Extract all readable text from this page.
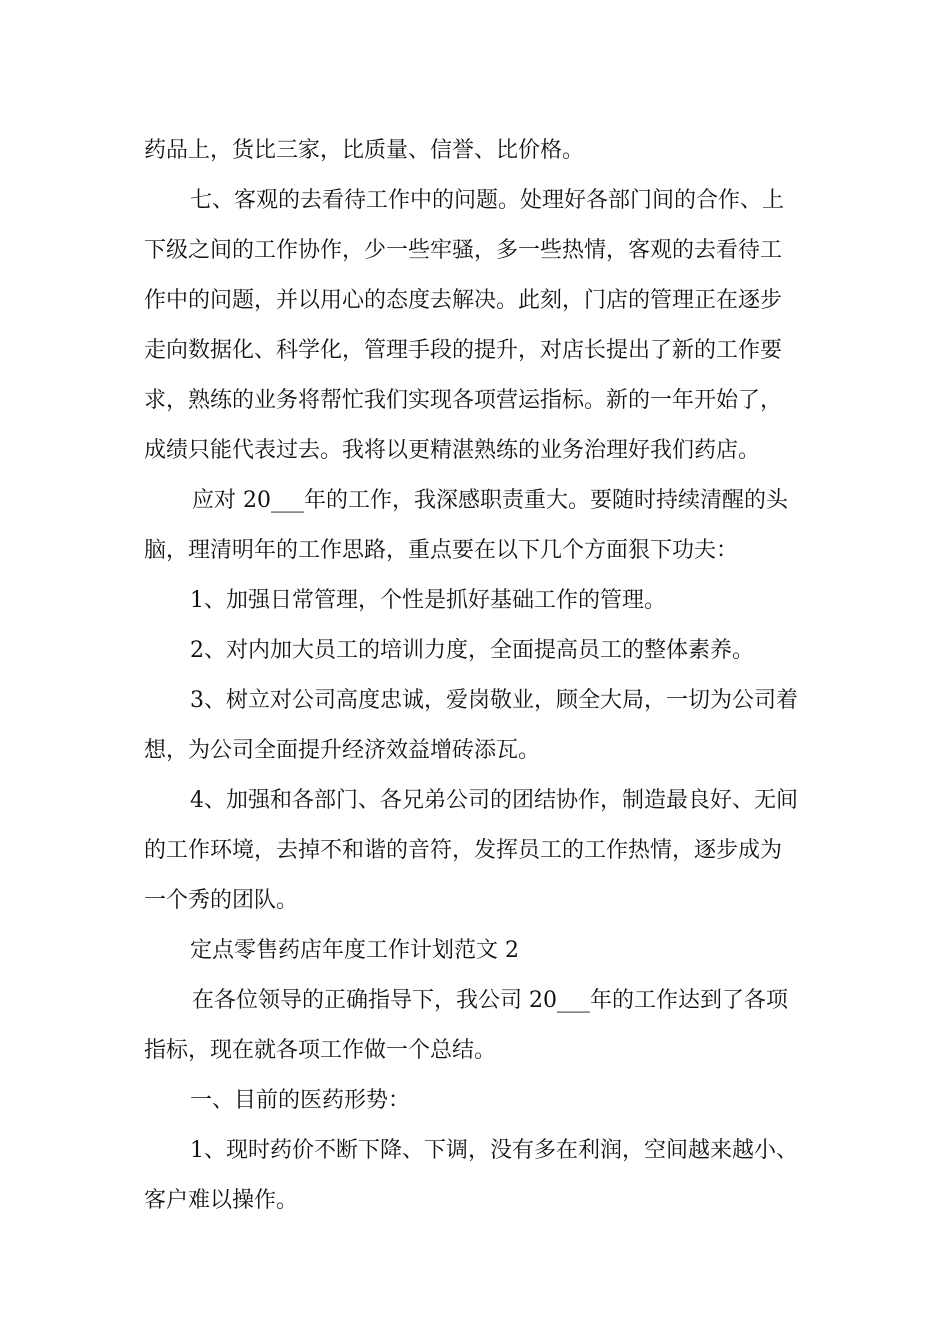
药品上，货比三家，比质量、信誉、比价格。
七、客观的去看待工作中的问题。处理好各部门间的合作、上
下级之间的工作协作，少一些牢骚，多一些热情，客观的去看待工
作中的问题，并以用心的态度去解决。此刻，门店的管理正在逐步
走向数据化、科学化，管理手段的提升，对店长提出了新的工作要
求，熟练的业务将帮忙我们实现各项营运指标。新的一年开始了，
成绩只能代表过去。我将以更精湛熟练的业务治理好我们药店。
应对 20___年的工作，我深感职责重大。要随时持续清醒的头
脑，理清明年的工作思路，重点要在以下几个方面狠下功夫：
1、加强日常管理，个性是抓好基础工作的管理。
2、对内加大员工的培训力度，全面提高员工的整体素养。
3、树立对公司高度忠诚，爱岗敬业，顾全大局，一切为公司着
想，为公司全面提升经济效益增砖添瓦。
4、加强和各部门、各兄弟公司的团结协作，制造最良好、无间
的工作环境，去掉不和谐的音符，发挥员工的工作热情，逐步成为
一个秀的团队。
定点零售药店年度工作计划范文 2
在各位领导的正确指导下，我公司 20___年的工作达到了各项
指标，现在就各项工作做一个总结。
一、目前的医药形势：
1、现时药价不断下降、下调，没有多在利润，空间越来越小、
客户难以操作。
